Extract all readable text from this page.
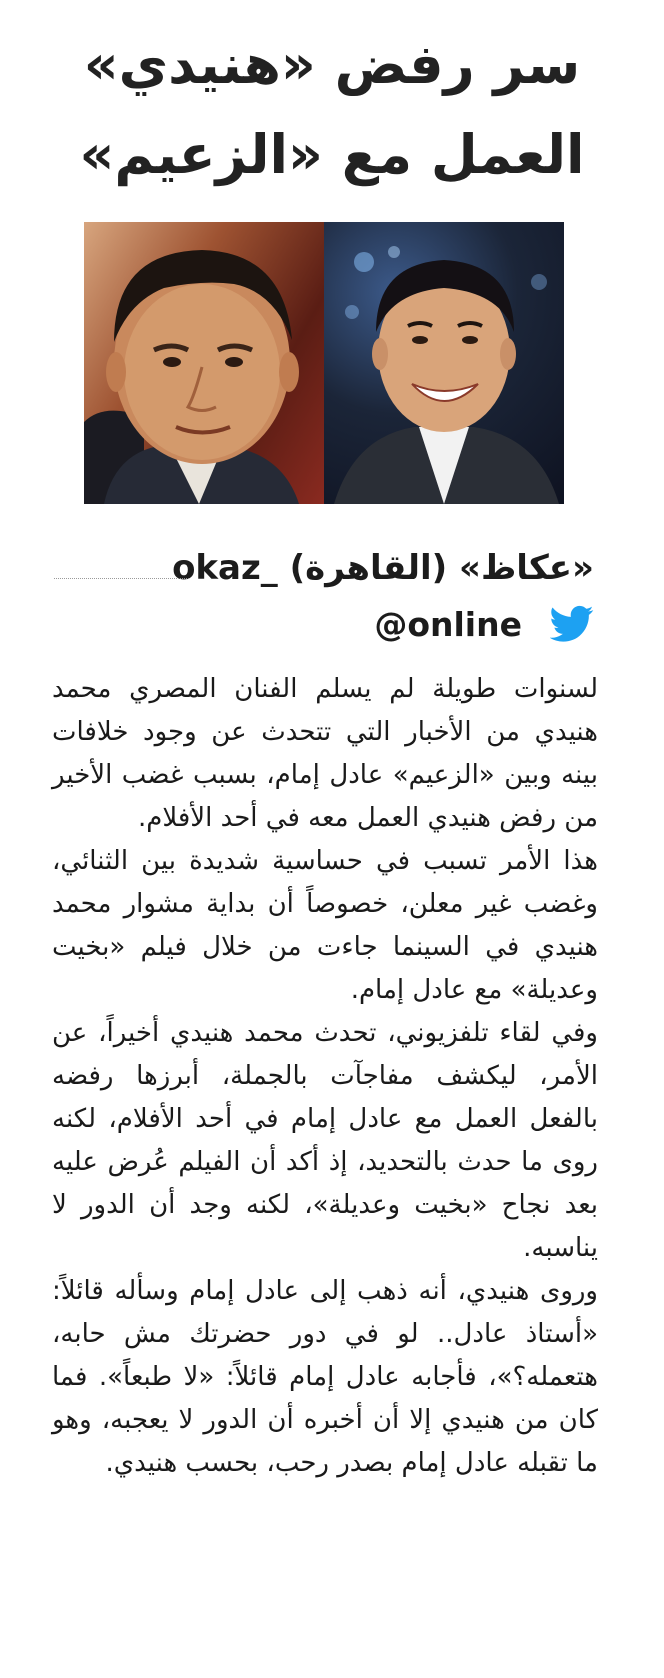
سر رفض «هنيدي»
العمل مع «الزعيم»
«عكاظ» (القاهرة) _okaz
@online

لسنوات طويلة لم يسلم الفنان المصري محمد هنيدي من الأخبار التي تتحدث عن وجود خلافات بينه وبين «الزعيم» عادل إمام، بسبب غضب الأخير من رفض هنيدي العمل معه في أحد الأفلام.

هذا الأمر تسبب في حساسية شديدة بين الثنائي، وغضب غير معلن، خصوصاً أن بداية مشوار محمد هنيدي في السينما جاءت من خلال فيلم «بخيت وعديلة» مع عادل إمام.

وفي لقاء تلفزيوني، تحدث محمد هنيدي أخيراً، عن الأمر، ليكشف مفاجآت بالجملة، أبرزها رفضه بالفعل العمل مع عادل إمام في أحد الأفلام، لكنه روى ما حدث بالتحديد، إذ أكد أن الفيلم عُرض عليه بعد نجاح «بخيت وعديلة»، لكنه وجد أن الدور لا يناسبه.

وروى هنيدي، أنه ذهب إلى عادل إمام وسأله قائلاً: «أستاذ عادل.. لو في دور حضرتك مش حابه، هتعمله؟»، فأجابه عادل إمام قائلاً: «لا طبعاً». فما كان من هنيدي إلا أن أخبره أن الدور لا يعجبه، وهو ما تقبله عادل إمام بصدر رحب، بحسب هنيدي.
